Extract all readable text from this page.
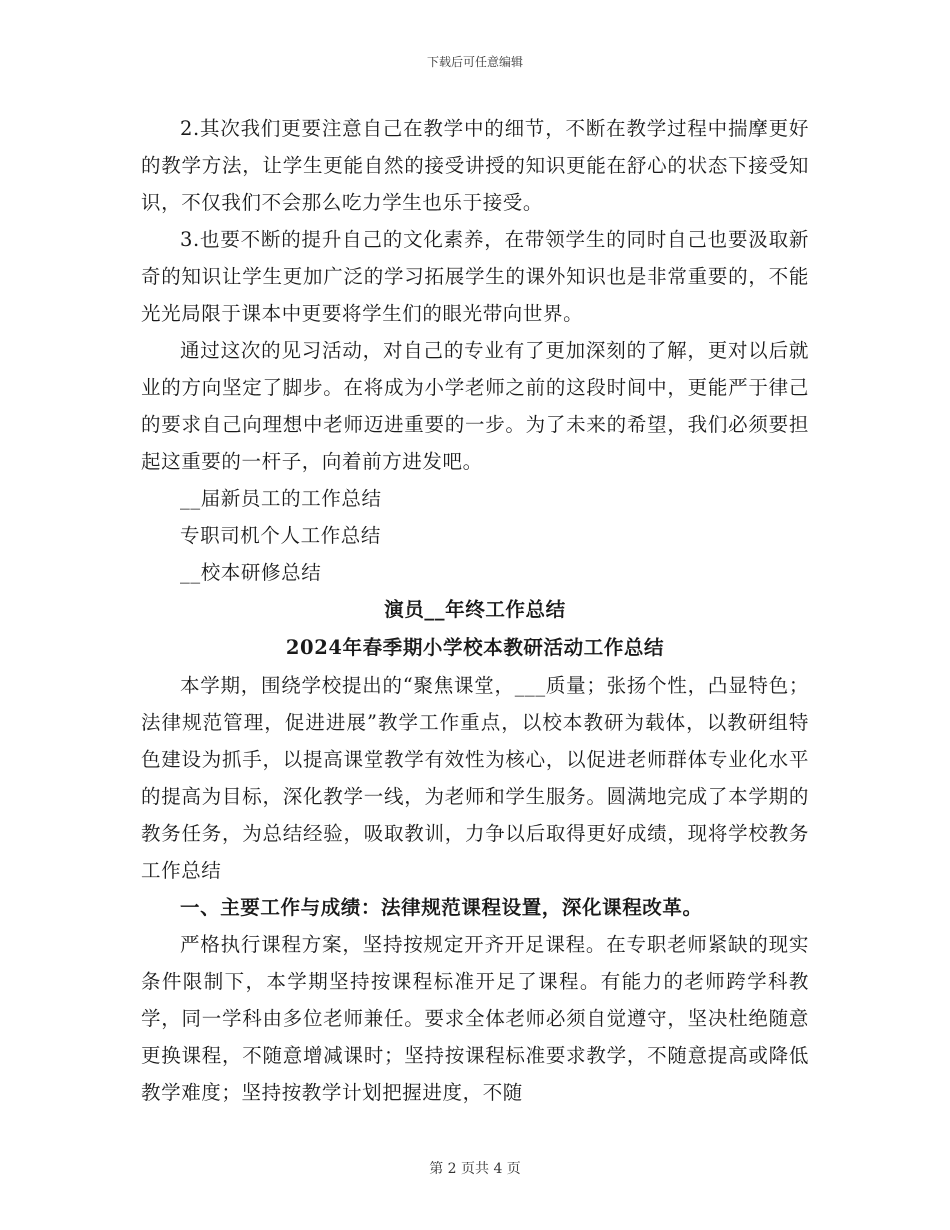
下载后可任意编辑

2.其次我们更要注意自己在教学中的细节，不断在教学过程中揣摩更好的教学方法，让学生更能自然的接受讲授的知识更能在舒心的状态下接受知识，不仅我们不会那么吃力学生也乐于接受。

3.也要不断的提升自己的文化素养，在带领学生的同时自己也要汲取新奇的知识让学生更加广泛的学习拓展学生的课外知识也是非常重要的，不能光光局限于课本中更要将学生们的眼光带向世界。

通过这次的见习活动，对自己的专业有了更加深刻的了解，更对以后就业的方向坚定了脚步。在将成为小学老师之前的这段时间中，更能严于律己的要求自己向理想中老师迈进重要的一步。为了未来的希望，我们必须要担起这重要的一杆子，向着前方进发吧。

__届新员工的工作总结

专职司机个人工作总结

__校本研修总结

演员__年终工作总结

2024年春季期小学校本教研活动工作总结

本学期，围绕学校提出的“聚焦课堂，___质量；张扬个性，凸显特色；法律规范管理，促进进展”教学工作重点，以校本教研为载体，以教研组特色建设为抓手，以提高课堂教学有效性为核心，以促进老师群体专业化水平的提高为目标，深化教学一线，为老师和学生服务。圆满地完成了本学期的教务任务，为总结经验，吸取教训，力争以后取得更好成绩，现将学校教务工作总结

一、主要工作与成绩：法律规范课程设置，深化课程改革。

严格执行课程方案，坚持按规定开齐开足课程。在专职老师紧缺的现实条件限制下，本学期坚持按课程标准开足了课程。有能力的老师跨学科教学，同一学科由多位老师兼任。要求全体老师必须自觉遵守，坚决杜绝随意更换课程，不随意增减课时；坚持按课程标准要求教学，不随意提高或降低教学难度；坚持按教学计划把握进度，不随

第 2 页共 4 页
